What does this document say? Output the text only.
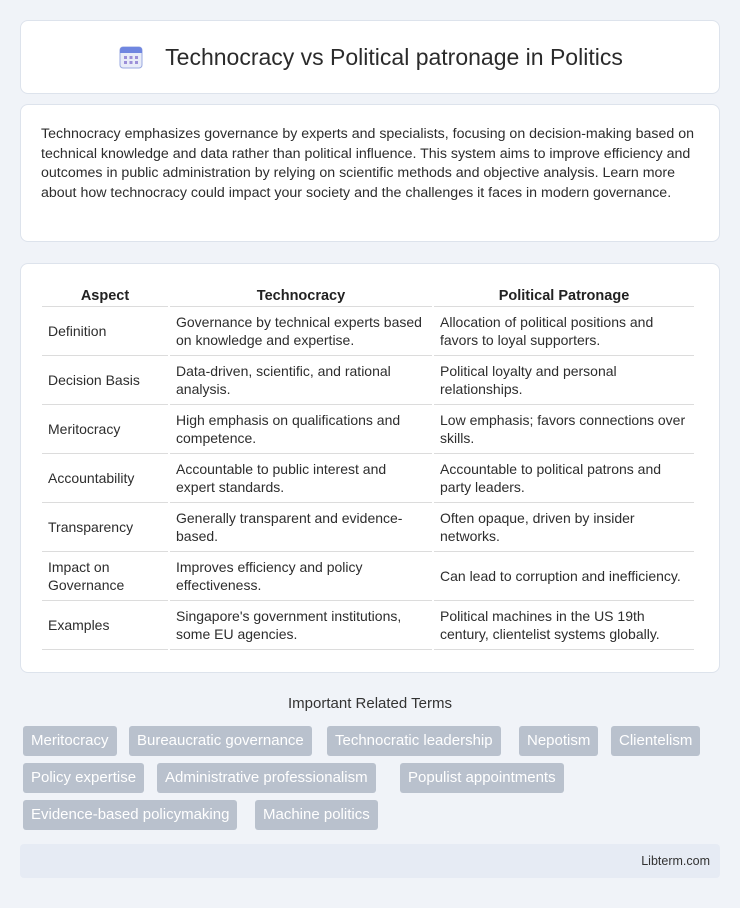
Technocracy vs Political patronage in Politics

Technocracy emphasizes governance by experts and specialists, focusing on decision-making based on technical knowledge and data rather than political influence. This system aims to improve efficiency and outcomes in public administration by relying on scientific methods and objective analysis. Learn more about how technocracy could impact your society and the challenges it faces in modern governance.

Aspect	Technocracy	Political Patronage
Definition	Governance by technical experts based on knowledge and expertise.	Allocation of political positions and favors to loyal supporters.
Decision Basis	Data-driven, scientific, and rational analysis.	Political loyalty and personal relationships.
Meritocracy	High emphasis on qualifications and competence.	Low emphasis; favors connections over skills.
Accountability	Accountable to public interest and expert standards.	Accountable to political patrons and party leaders.
Transparency	Generally transparent and evidence-based.	Often opaque, driven by insider networks.
Impact on Governance	Improves efficiency and policy effectiveness.	Can lead to corruption and inefficiency.
Examples	Singapore's government institutions, some EU agencies.	Political machines in the US 19th century, clientelist systems globally.
Important Related Terms
Meritocracy	Bureaucratic governance	Technocratic leadership	Nepotism	Clientelism
Policy expertise	Administrative professionalism	Populist appointments
Evidence-based policymaking	Machine politics
Libterm.com
